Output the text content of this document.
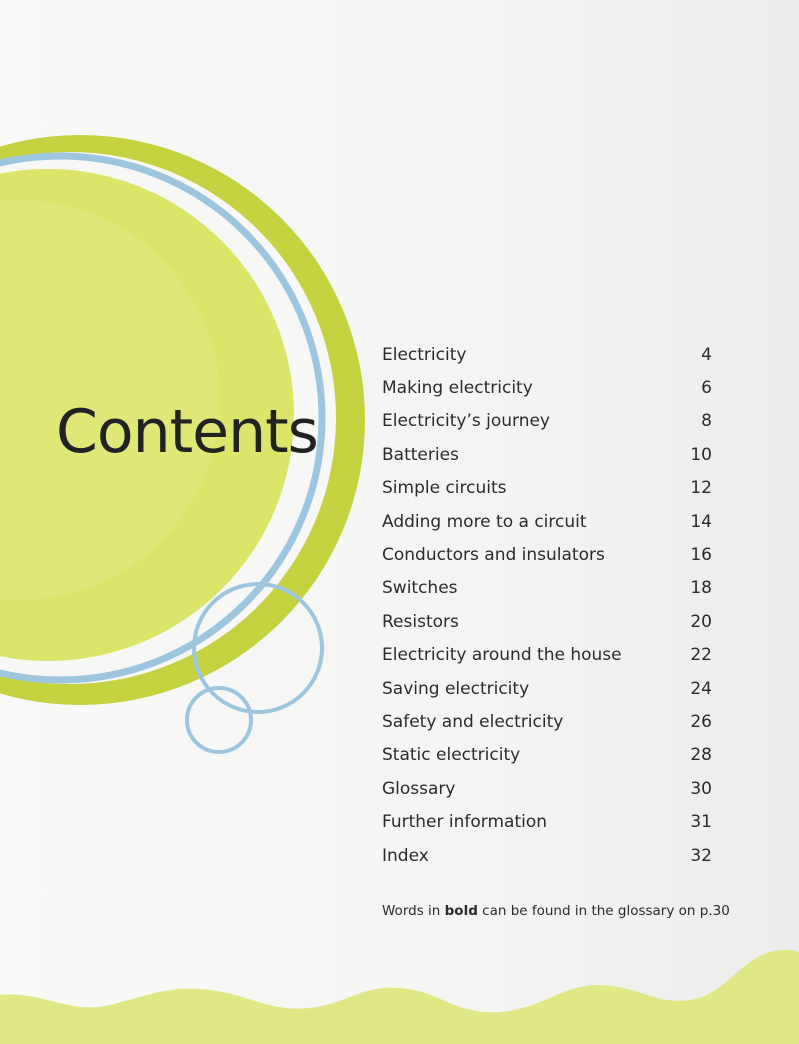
Contents
Electricity	4
Making electricity	6
Electricity’s journey	8
Batteries	10
Simple circuits	12
Adding more to a circuit	14
Conductors and insulators	16
Switches	18
Resistors	20
Electricity around the house	22
Saving electricity	24
Safety and electricity	26
Static electricity	28
Glossary	30
Further information	31
Index	32

Words in bold can be found in the glossary on p.30
